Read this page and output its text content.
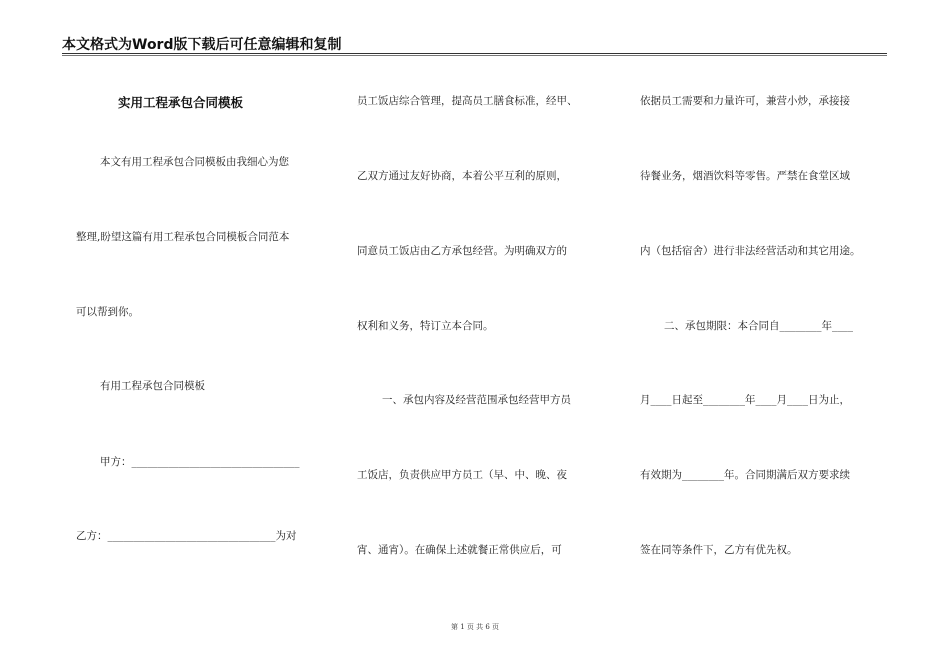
本文格式为Word版下载后可任意编辑和复制
实用工程承包合同模板
本文有用工程承包合同模板由我细心为您
整理,盼望这篇有用工程承包合同模板合同范本
可以帮到你。
有用工程承包合同模板
甲方：________________________________
乙方：________________________________为对
员工饭店综合管理，提高员工膳食标准，经甲、
乙双方通过友好协商，本着公平互利的原则，
同意员工饭店由乙方承包经营。为明确双方的
权利和义务，特订立本合同。
一、承包内容及经营范围承包经营甲方员
工饭店，负责供应甲方员工（早、中、晚、夜
宵、通宵）。在确保上述就餐正常供应后，可
依据员工需要和力量许可，兼营小炒，承接接
待餐业务，烟酒饮料等零售。严禁在食堂区域
内（包括宿舍）进行非法经营活动和其它用途。
二、承包期限：本合同自________年____
月____日起至________年____月____日为止，
有效期为________年。合同期满后双方要求续
签在同等条件下，乙方有优先权。
第 1 页 共 6 页
